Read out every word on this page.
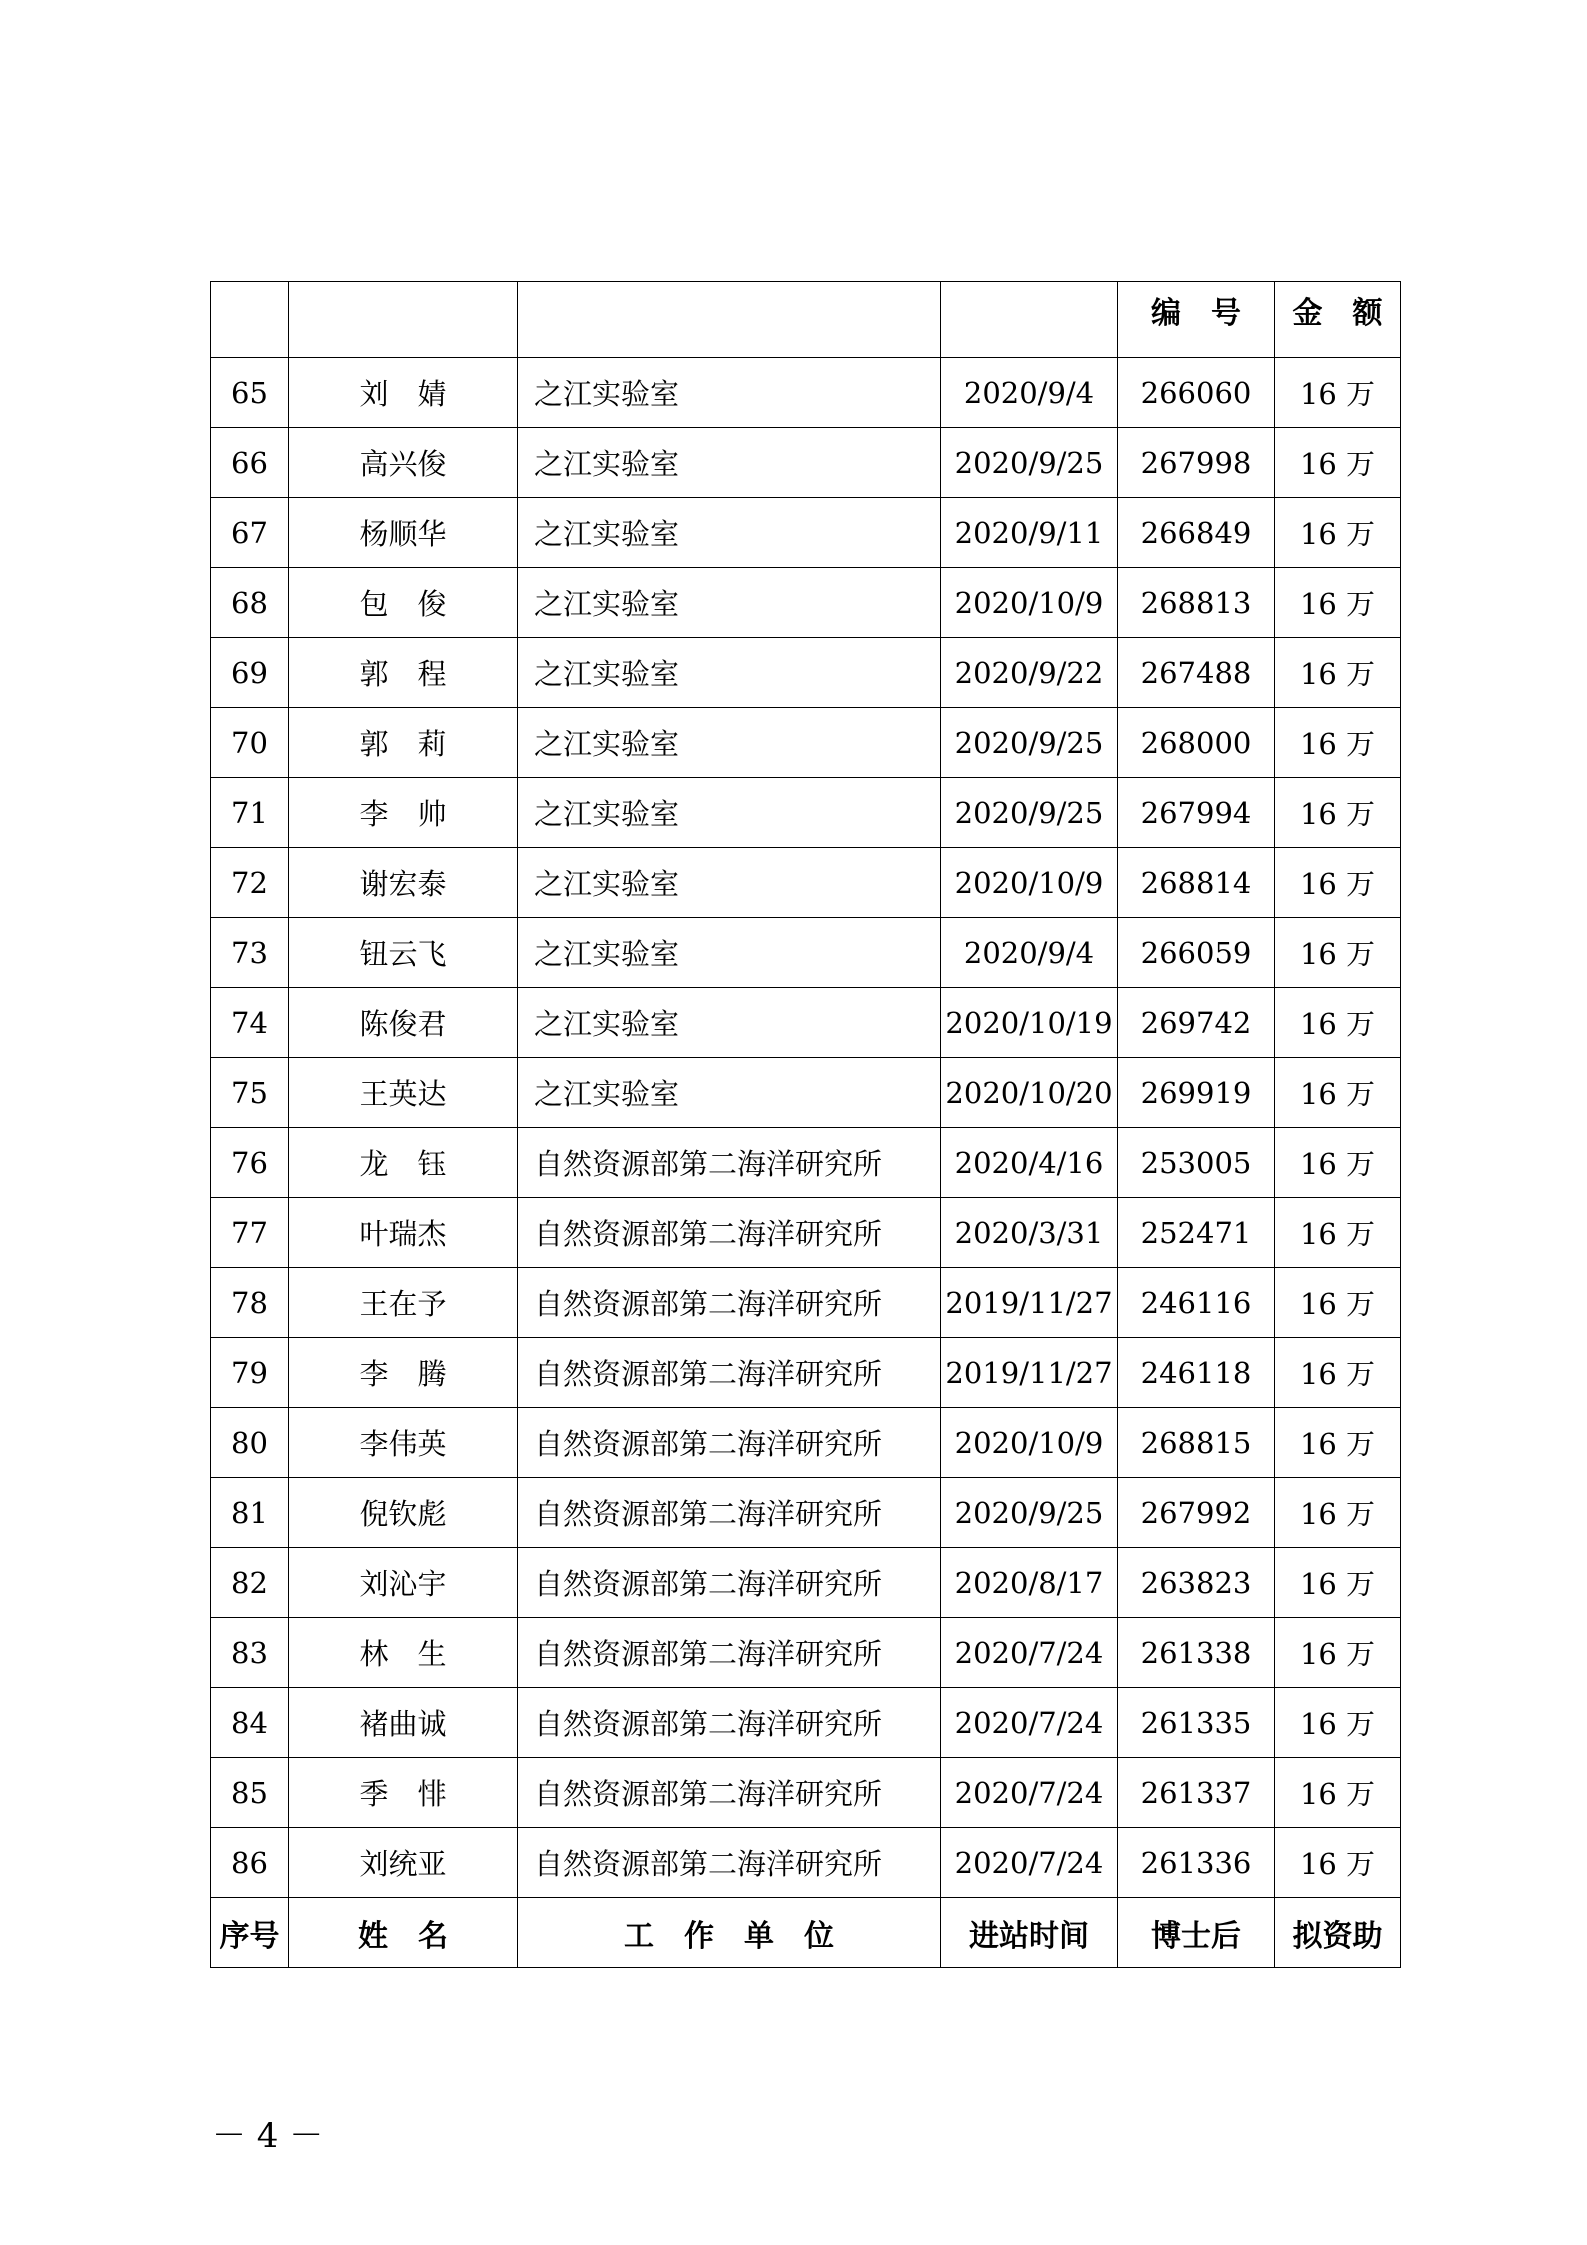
				编　号	金　额
65	刘　婧	之江实验室	2020/9/4	266060	16 万
66	高兴俊	之江实验室	2020/9/25	267998	16 万
67	杨顺华	之江实验室	2020/9/11	266849	16 万
68	包　俊	之江实验室	2020/10/9	268813	16 万
69	郭　程	之江实验室	2020/9/22	267488	16 万
70	郭　莉	之江实验室	2020/9/25	268000	16 万
71	李　帅	之江实验室	2020/9/25	267994	16 万
72	谢宏泰	之江实验室	2020/10/9	268814	16 万
73	钮云飞	之江实验室	2020/9/4	266059	16 万
74	陈俊君	之江实验室	2020/10/19	269742	16 万
75	王英达	之江实验室	2020/10/20	269919	16 万
76	龙　钰	自然资源部第二海洋研究所	2020/4/16	253005	16 万
77	叶瑞杰	自然资源部第二海洋研究所	2020/3/31	252471	16 万
78	王在予	自然资源部第二海洋研究所	2019/11/27	246116	16 万
79	李　腾	自然资源部第二海洋研究所	2019/11/27	246118	16 万
80	李伟英	自然资源部第二海洋研究所	2020/10/9	268815	16 万
81	倪钦彪	自然资源部第二海洋研究所	2020/9/25	267992	16 万
82	刘沁宇	自然资源部第二海洋研究所	2020/8/17	263823	16 万
83	林　生	自然资源部第二海洋研究所	2020/7/24	261338	16 万
84	褚曲诚	自然资源部第二海洋研究所	2020/7/24	261335	16 万
85	季　悱	自然资源部第二海洋研究所	2020/7/24	261337	16 万
86	刘统亚	自然资源部第二海洋研究所	2020/7/24	261336	16 万
序号	姓　名	工　作　单　位	进站时间	博士后	拟资助
－ 4 －
